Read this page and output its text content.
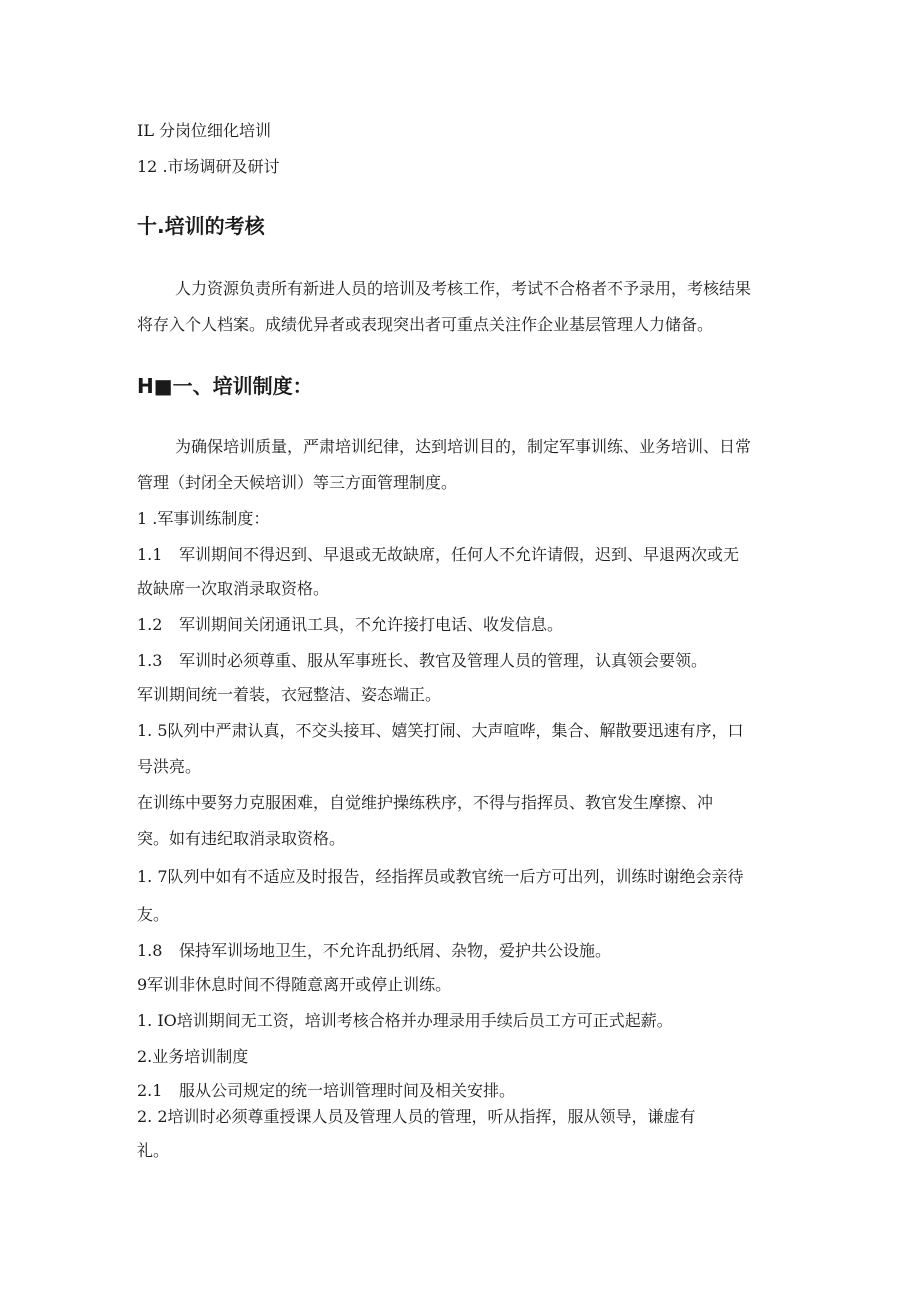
IL 分岗位细化培训
12 .市场调研及研讨
十.培训的考核
人力资源负责所有新进人员的培训及考核工作，考试不合格者不予录用，考核结果
将存入个人档案。成绩优异者或表现突出者可重点关注作企业基层管理人力储备。
H■一、培训制度：
为确保培训质量，严肃培训纪律，达到培训目的，制定军事训练、业务培训、日常
管理（封闭全天候培训）等三方面管理制度。
1 .军事训练制度：
1.1 军训期间不得迟到、早退或无故缺席，任何人不允许请假，迟到、早退两次或无
故缺席一次取消录取资格。
1.2 军训期间关闭通讯工具，不允许接打电话、收发信息。
1.3 军训时必须尊重、服从军事班长、教官及管理人员的管理，认真领会要领。
军训期间统一着装，衣冠整洁、姿态端正。
1. 5队列中严肃认真，不交头接耳、嬉笑打闹、大声喧哗，集合、解散要迅速有序，口
号洪亮。
在训练中要努力克服困难，自觉维护操练秩序，不得与指挥员、教官发生摩擦、冲
突。如有违纪取消录取资格。
1. 7队列中如有不适应及时报告，经指挥员或教官统一后方可出列，训练时谢绝会亲待
友。
1.8 保持军训场地卫生，不允许乱扔纸屑、杂物，爱护共公设施。
9军训非休息时间不得随意离开或停止训练。
1. IO培训期间无工资，培训考核合格并办理录用手续后员工方可正式起薪。
2.业务培训制度
2.1 服从公司规定的统一培训管理时间及相关安排。
2. 2培训时必须尊重授课人员及管理人员的管理，听从指挥，服从领导，谦虚有
礼。
